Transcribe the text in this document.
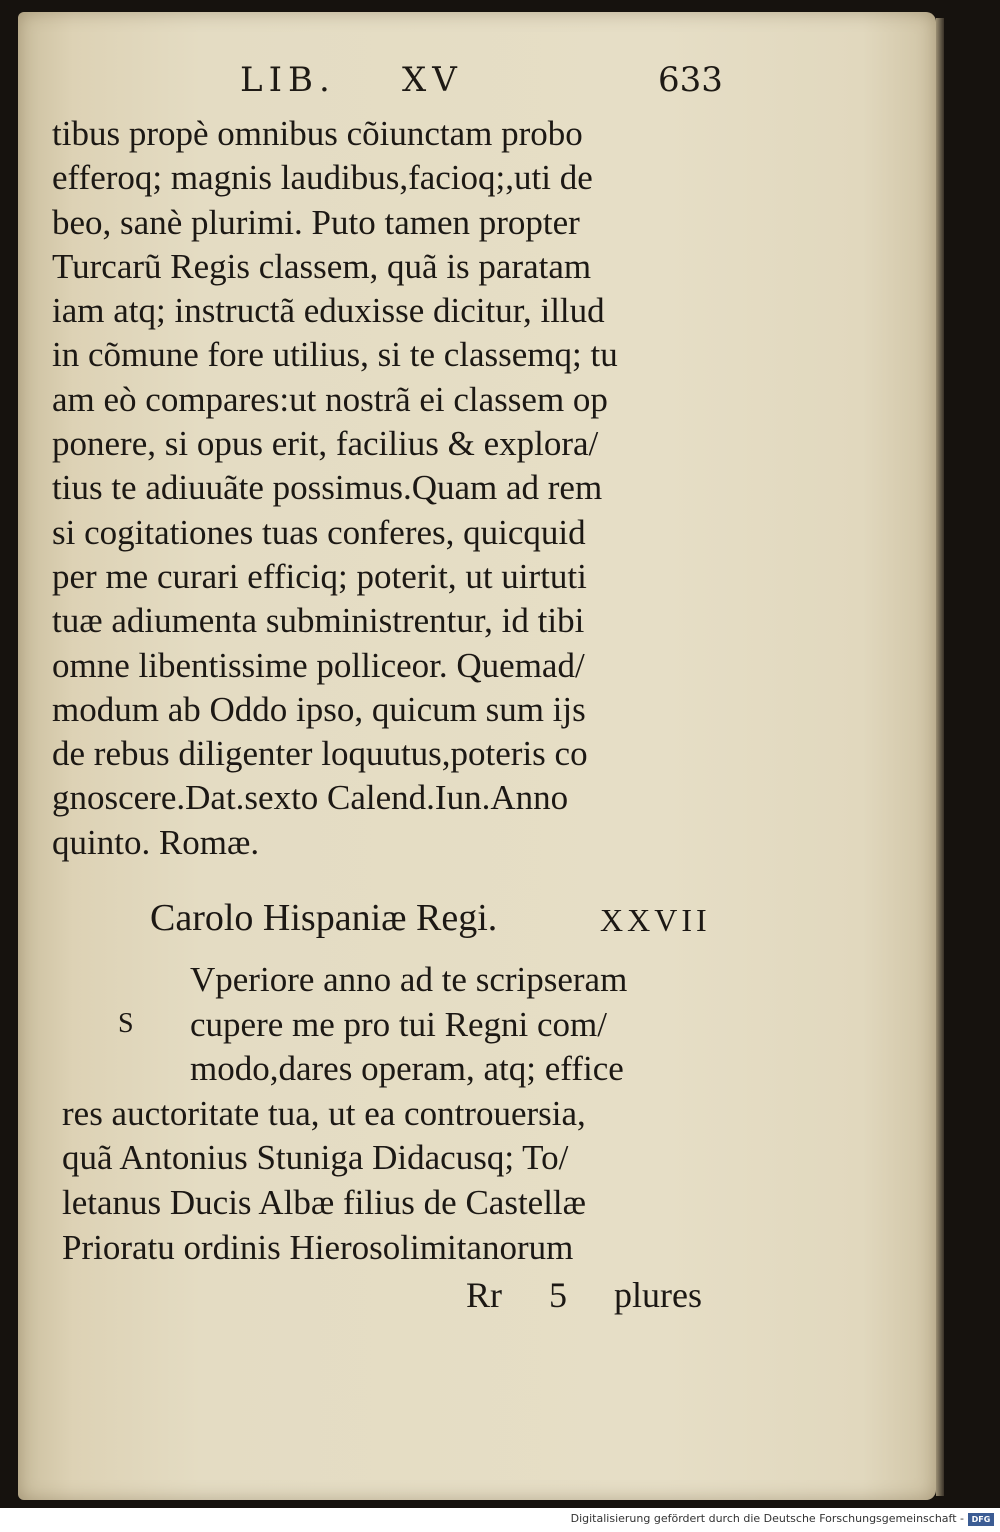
LIB. XV	633
tibus propè omnibus cõiunctam probo
efferoq; magnis laudibus,facioq;,uti de
beo, sanè plurimi. Puto tamen propter
Turcarũ Regis classem, quã is paratam
iam atq; instructã eduxisse dicitur, illud
in cõmune fore utilius, si te classemq; tu
am eò compares:ut nostrã ei classem op
ponere, si opus erit, facilius & explora/
tius te adiuuãte possimus.Quam ad rem
si cogitationes tuas conferes, quicquid
per me curari efficiq; poterit, ut uirtuti
tuæ adiumenta subministrentur, id tibi
omne libentissime polliceor. Quemad/
modum ab Oddo ipso, quicum sum ijs
de rebus diligenter loquutus,poteris co
gnoscere.Dat.sexto Calend.Iun.Anno
quinto. Romæ.
Carolo Hispaniæ Regi.	XXVII
S
Vperiore anno ad te scripseram
cupere me pro tui Regni com/
modo,dares operam, atq; effice
res auctoritate tua, ut ea controuersia,
quã Antonius Stuniga Didacusq; To/
letanus Ducis Albæ filius de Castellæ
Prioratu ordinis Hierosolimitanorum
Rr 5 plures
Digitalisierung gefördert durch die Deutsche Forschungsgemeinschaft - DFG
